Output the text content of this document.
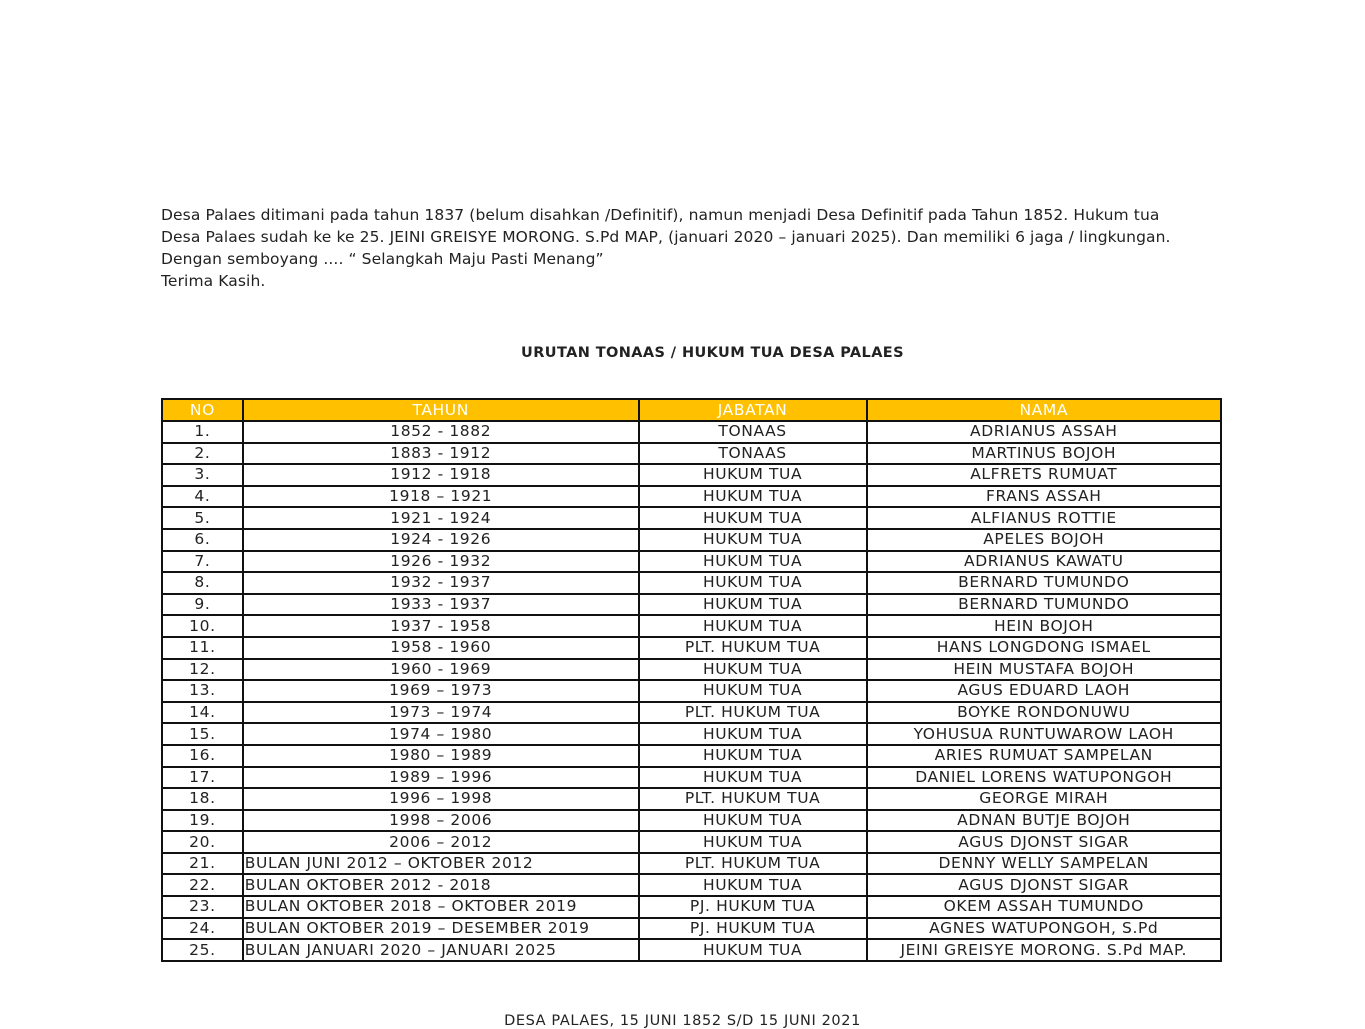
Desa Palaes ditimani pada tahun 1837 (belum disahkan /Definitif), namun menjadi Desa Definitif pada Tahun 1852. Hukum tua

Desa Palaes sudah ke ke 25. JEINI GREISYE MORONG. S.Pd MAP, (januari 2020 – januari 2025). Dan memiliki 6 jaga / lingkungan.

Dengan semboyang .... “ Selangkah Maju Pasti Menang”

Terima Kasih.

URUTAN TONAAS / HUKUM TUA DESA PALAES
NO	TAHUN	JABATAN	NAMA
1.	1852 - 1882	TONAAS	ADRIANUS ASSAH
2.	1883 - 1912	TONAAS	MARTINUS BOJOH
3.	1912 - 1918	HUKUM TUA	ALFRETS RUMUAT
4.	1918 – 1921	HUKUM TUA	FRANS ASSAH
5.	1921 - 1924	HUKUM TUA	ALFIANUS ROTTIE
6.	1924 - 1926	HUKUM TUA	APELES BOJOH
7.	1926 - 1932	HUKUM TUA	ADRIANUS KAWATU
8.	1932 - 1937	HUKUM TUA	BERNARD TUMUNDO
9.	1933 - 1937	HUKUM TUA	BERNARD TUMUNDO
10.	1937 - 1958	HUKUM TUA	HEIN BOJOH
11.	1958 - 1960	PLT. HUKUM TUA	HANS LONGDONG ISMAEL
12.	1960 - 1969	HUKUM TUA	HEIN MUSTAFA BOJOH
13.	1969 – 1973	HUKUM TUA	AGUS EDUARD LAOH
14.	1973 – 1974	PLT. HUKUM TUA	BOYKE RONDONUWU
15.	1974 – 1980	HUKUM TUA	YOHUSUA RUNTUWAROW LAOH
16.	1980 – 1989	HUKUM TUA	ARIES RUMUAT SAMPELAN
17.	1989 – 1996	HUKUM TUA	DANIEL LORENS WATUPONGOH
18.	1996 – 1998	PLT. HUKUM TUA	GEORGE MIRAH
19.	1998 – 2006	HUKUM TUA	ADNAN BUTJE BOJOH
20.	2006 – 2012	HUKUM TUA	AGUS DJONST SIGAR
21.	BULAN JUNI 2012 – OKTOBER 2012	PLT. HUKUM TUA	DENNY WELLY SAMPELAN
22.	BULAN OKTOBER 2012 - 2018	HUKUM TUA	AGUS DJONST SIGAR
23.	BULAN OKTOBER 2018 – OKTOBER 2019	PJ. HUKUM TUA	OKEM ASSAH TUMUNDO
24.	BULAN OKTOBER 2019 – DESEMBER 2019	PJ. HUKUM TUA	AGNES WATUPONGOH, S.Pd
25.	BULAN JANUARI 2020 – JANUARI 2025	HUKUM TUA	JEINI GREISYE MORONG. S.Pd MAP.
DESA PALAES, 15 JUNI 1852 S/D 15 JUNI 2021
